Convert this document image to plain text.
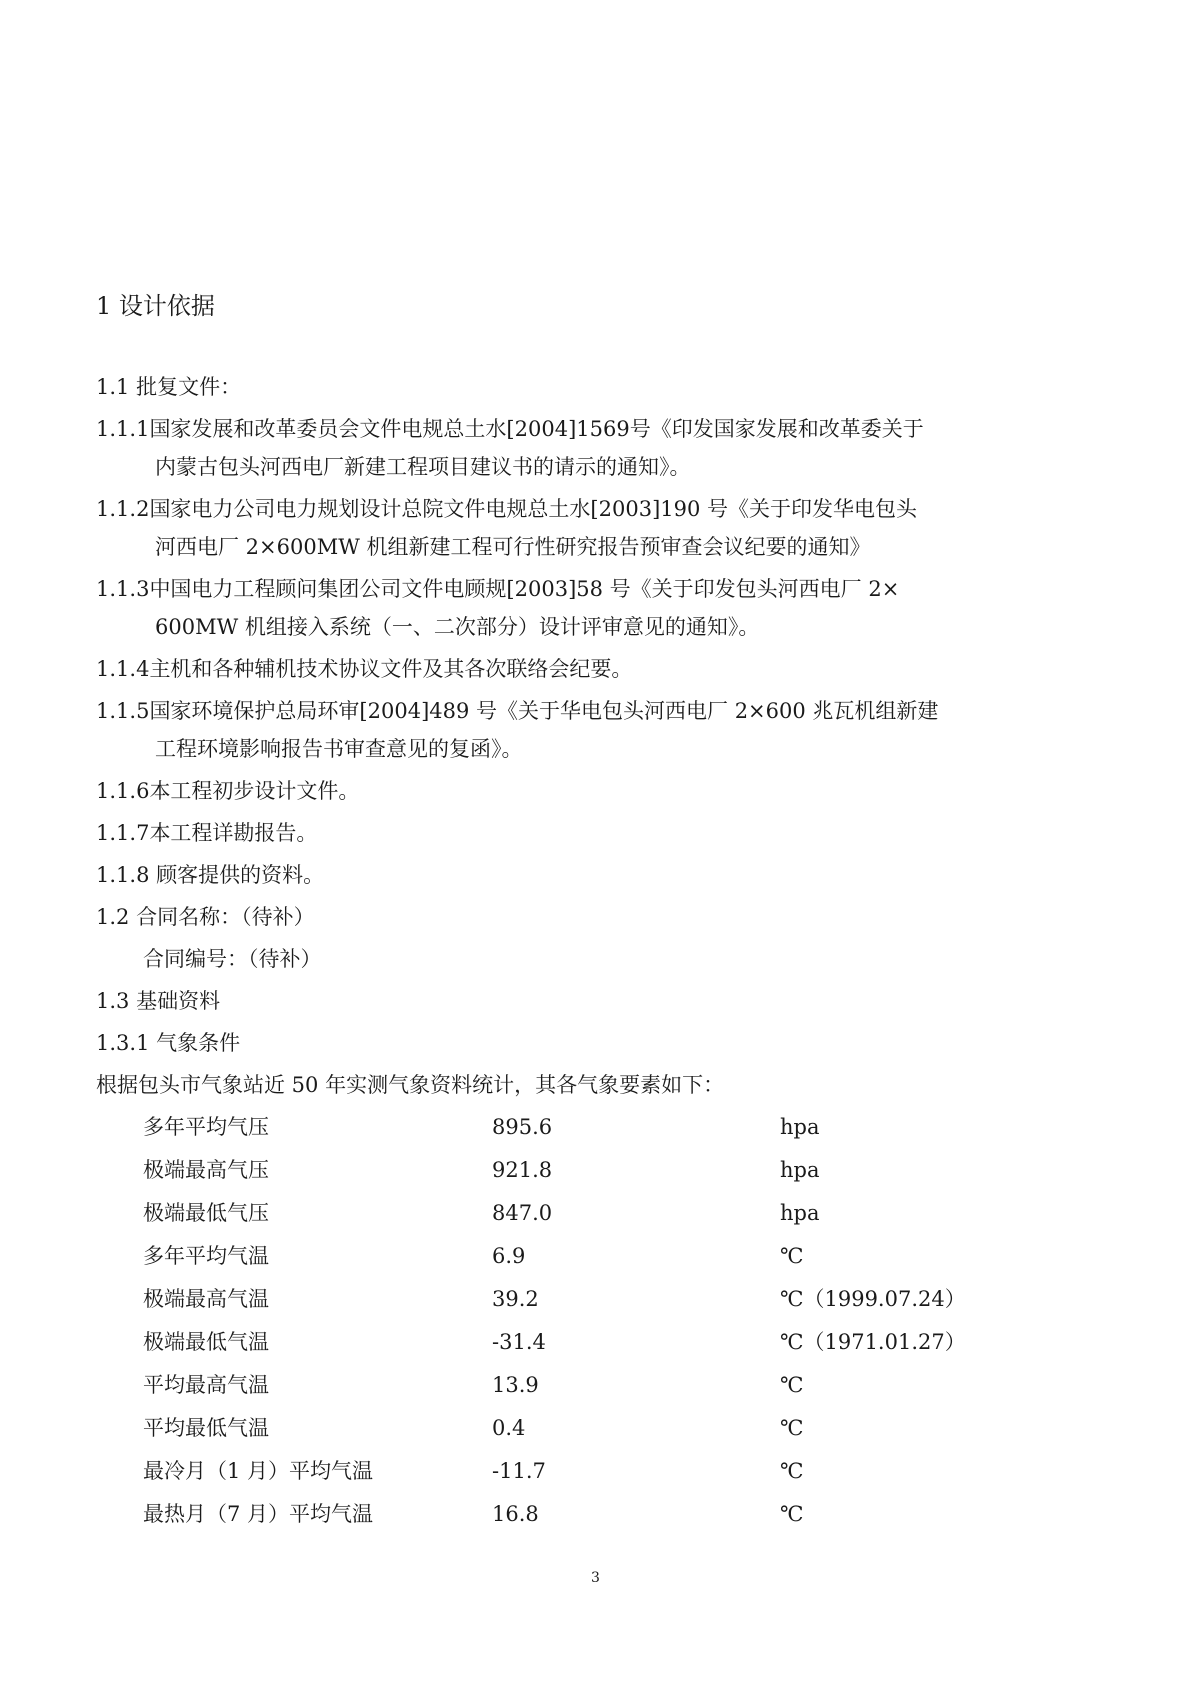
1 设计依据
1.1 批复文件：
1.1.1国家发展和改革委员会文件电规总土水[2004]1569号《印发国家发展和改革委关于
内蒙古包头河西电厂新建工程项目建议书的请示的通知》。
1.1.2国家电力公司电力规划设计总院文件电规总土水[2003]190 号《关于印发华电包头
河西电厂 2×600MW 机组新建工程可行性研究报告预审查会议纪要的通知》
1.1.3中国电力工程顾问集团公司文件电顾规[2003]58 号《关于印发包头河西电厂 2×
600MW 机组接入系统（一、二次部分）设计评审意见的通知》。
1.1.4主机和各种辅机技术协议文件及其各次联络会纪要。
1.1.5国家环境保护总局环审[2004]489 号《关于华电包头河西电厂 2×600 兆瓦机组新建
工程环境影响报告书审查意见的复函》。
1.1.6本工程初步设计文件。
1.1.7本工程详勘报告。
1.1.8 顾客提供的资料。
1.2 合同名称：（待补）
合同编号：（待补）
1.3 基础资料
1.3.1 气象条件
根据包头市气象站近 50 年实测气象资料统计，其各气象要素如下：
多年平均气压	895.6	hpa
极端最高气压	921.8	hpa
极端最低气压	847.0	hpa
多年平均气温	6.9	℃
极端最高气温	39.2	℃（1999.07.24）
极端最低气温	-31.4	℃（1971.01.27）
平均最高气温	13.9	℃
平均最低气温	0.4	℃
最冷月（1 月）平均气温	-11.7	℃
最热月（7 月）平均气温	16.8	℃
3
